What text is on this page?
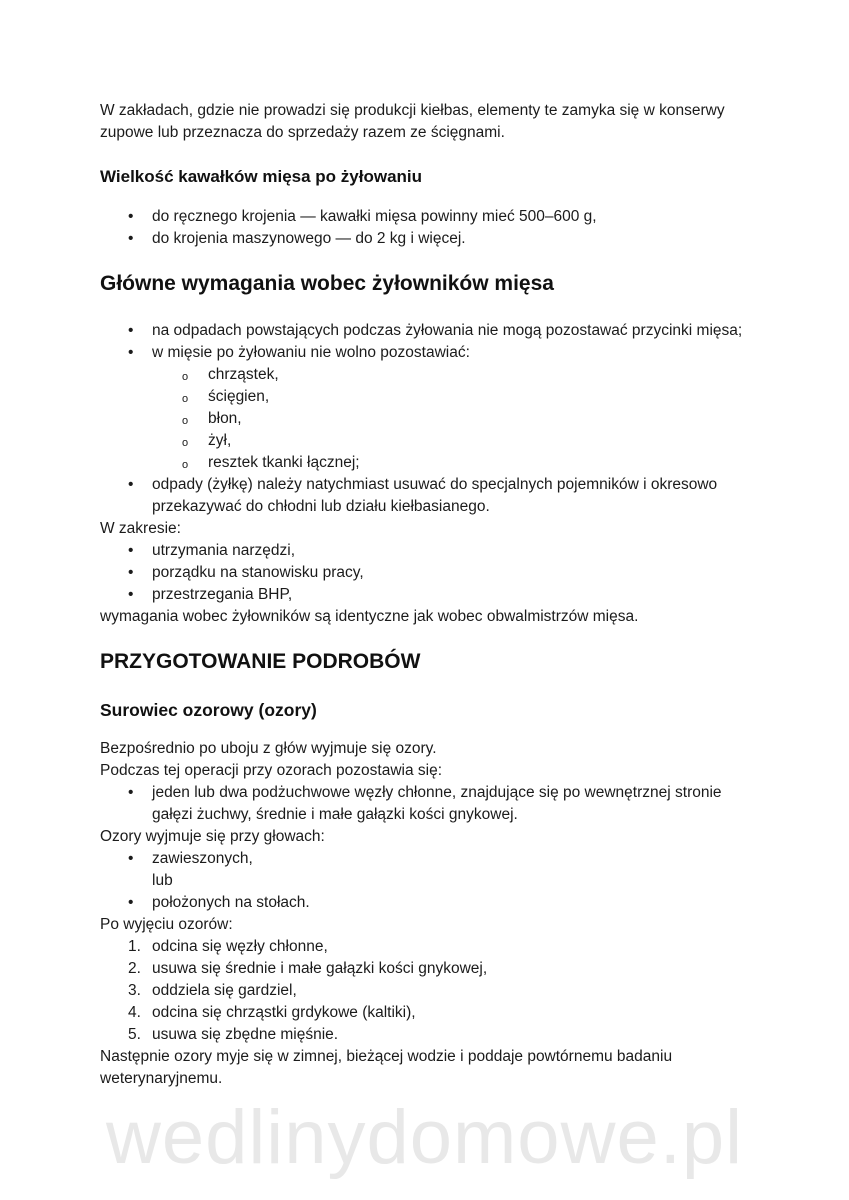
W zakładach, gdzie nie prowadzi się produkcji kiełbas, elementy te zamyka się w konserwy zupowe lub przeznacza do sprzedaży razem ze ścięgnami.

Wielkość kawałków mięsa po żyłowaniu
• do ręcznego krojenia — kawałki mięsa powinny mieć 500–600 g,
• do krojenia maszynowego — do 2 kg i więcej.
Główne wymagania wobec żyłowników mięsa
• na odpadach powstających podczas żyłowania nie mogą pozostawać przycinki mięsa;
• w mięsie po żyłowaniu nie wolno pozostawiać:
o chrząstek,
o ścięgien,
o błon,
o żył,
o resztek tkanki łącznej;
• odpady (żyłkę) należy natychmiast usuwać do specjalnych pojemników i okresowo przekazywać do chłodni lub działu kiełbasianego.

W zakresie:

• utrzymania narzędzi,
• porządku na stanowisku pracy,
• przestrzegania BHP,

wymagania wobec żyłowników są identyczne jak wobec obwalmistrzów mięsa.

PRZYGOTOWANIE PODROBÓW
Surowiec ozorowy (ozory)

Bezpośrednio po uboju z głów wyjmuje się ozory.

Podczas tej operacji przy ozorach pozostawia się:

• jeden lub dwa podżuchwowe węzły chłonne, znajdujące się po wewnętrznej stronie gałęzi żuchwy, średnie i małe gałązki kości gnykowej.

Ozory wyjmuje się przy głowach:

• zawieszonych,
lub
• położonych na stołach.

Po wyjęciu ozorów:

odcina się węzły chłonne,
usuwa się średnie i małe gałązki kości gnykowej,
oddziela się gardziel,
odcina się chrząstki grdykowe (kaltiki),
usuwa się zbędne mięśnie.

Następnie ozory myje się w zimnej, bieżącej wodzie i poddaje powtórnemu badaniu weterynaryjnemu.

wedlinydomowe.pl
